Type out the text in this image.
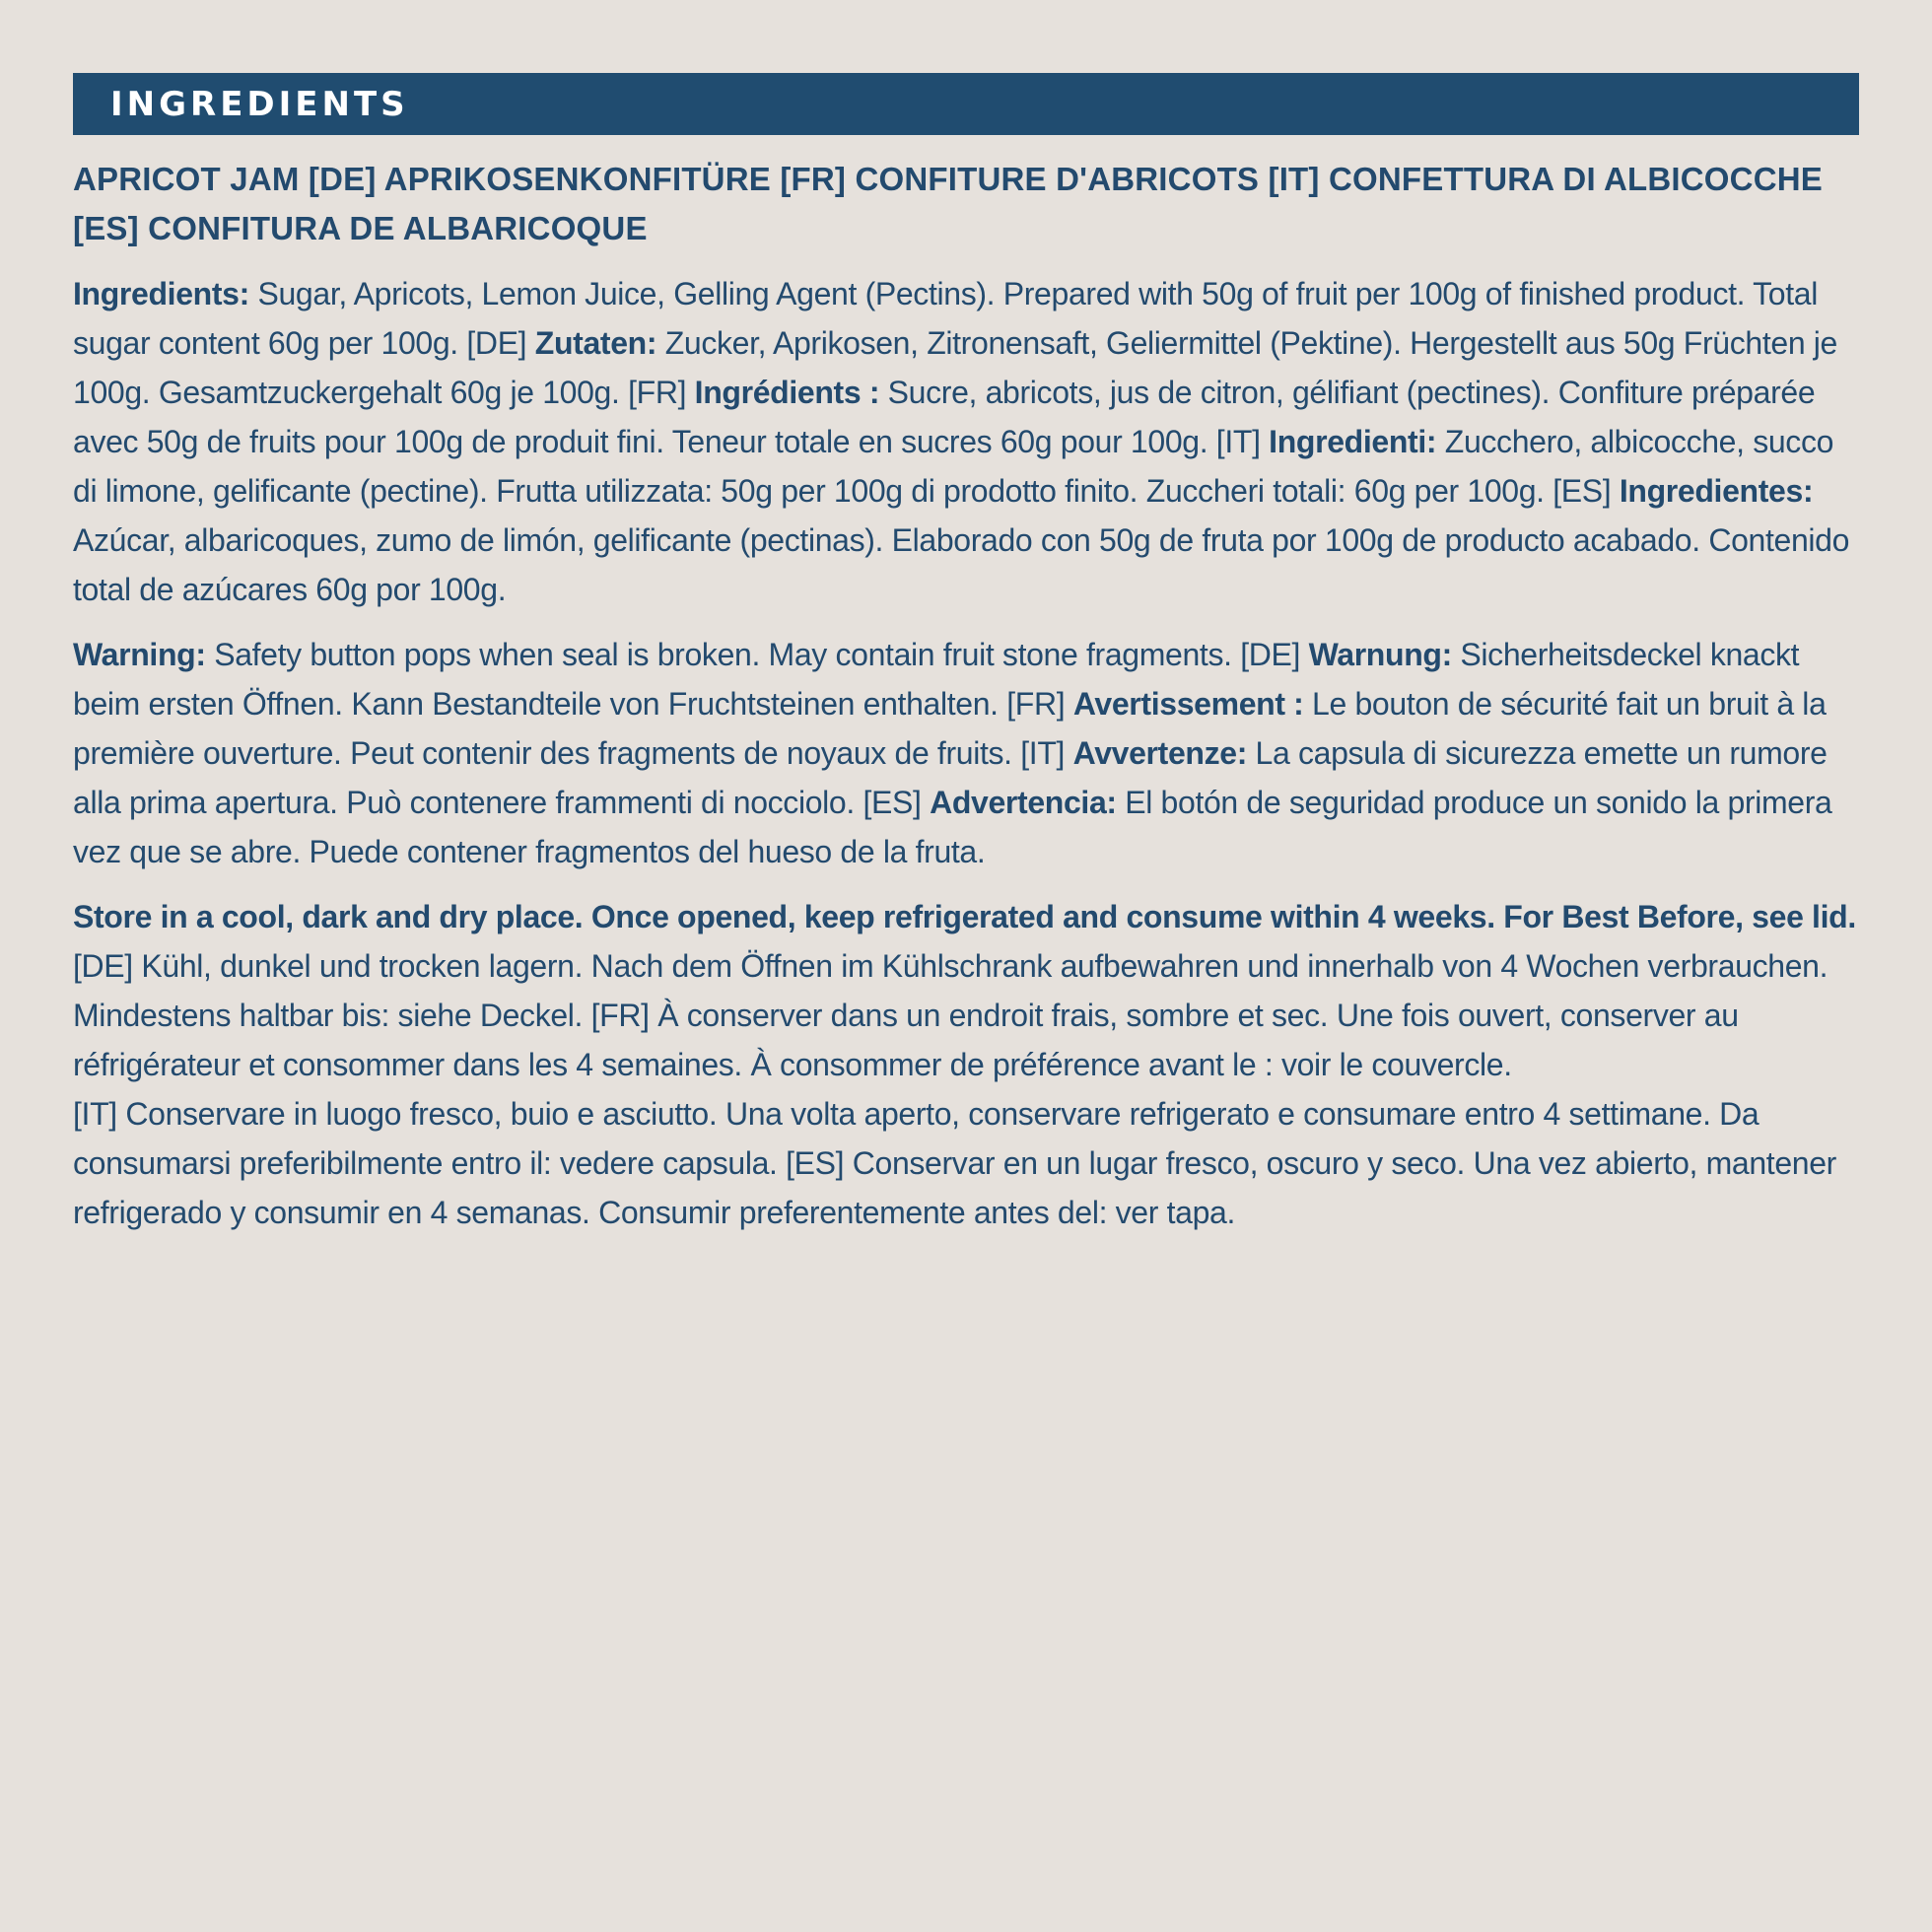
INGREDIENTS
APRICOT JAM [DE] APRIKOSENKONFITÜRE [FR] CONFITURE D'ABRICOTS [IT] CONFETTURA DI ALBICOCCHE [ES] CONFITURA DE ALBARICOQUE
Ingredients: Sugar, Apricots, Lemon Juice, Gelling Agent (Pectins). Prepared with 50g of fruit per 100g of finished product. Total sugar content 60g per 100g. [DE] Zutaten: Zucker, Aprikosen, Zitronensaft, Geliermittel (Pektine). Hergestellt aus 50g Früchten je 100g. Gesamtzuckergehalt 60g je 100g. [FR] Ingrédients : Sucre, abricots, jus de citron, gélifiant (pectines). Confiture préparée avec 50g de fruits pour 100g de produit fini. Teneur totale en sucres 60g pour 100g. [IT] Ingredienti: Zucchero, albicocche, succo di limone, gelificante (pectine). Frutta utilizzata: 50g per 100g di prodotto finito. Zuccheri totali: 60g per 100g. [ES] Ingredientes: Azúcar, albaricoques, zumo de limón, gelificante (pectinas). Elaborado con 50g de fruta por 100g de producto acabado. Contenido total de azúcares 60g por 100g.
Warning: Safety button pops when seal is broken. May contain fruit stone fragments. [DE] Warnung: Sicherheitsdeckel knackt beim ersten Öffnen. Kann Bestandteile von Fruchtsteinen enthalten. [FR] Avertissement : Le bouton de sécurité fait un bruit à la première ouverture. Peut contenir des fragments de noyaux de fruits. [IT] Avvertenze: La capsula di sicurezza emette un rumore alla prima apertura. Può contenere frammenti di nocciolo. [ES] Advertencia: El botón de seguridad produce un sonido la primera vez que se abre. Puede contener fragmentos del hueso de la fruta.
Store in a cool, dark and dry place. Once opened, keep refrigerated and consume within 4 weeks. For Best Before, see lid.
[DE] Kühl, dunkel und trocken lagern. Nach dem Öffnen im Kühlschrank aufbewahren und innerhalb von 4 Wochen verbrauchen. Mindestens haltbar bis: siehe Deckel. [FR] À conserver dans un endroit frais, sombre et sec. Une fois ouvert, conserver au réfrigérateur et consommer dans les 4 semaines. À consommer de préférence avant le : voir le couvercle.
[IT] Conservare in luogo fresco, buio e asciutto. Una volta aperto, conservare refrigerato e consumare entro 4 settimane. Da consumarsi preferibilmente entro il: vedere capsula. [ES] Conservar en un lugar fresco, oscuro y seco. Una vez abierto, mantener refrigerado y consumir en 4 semanas. Consumir preferentemente antes del: ver tapa.
